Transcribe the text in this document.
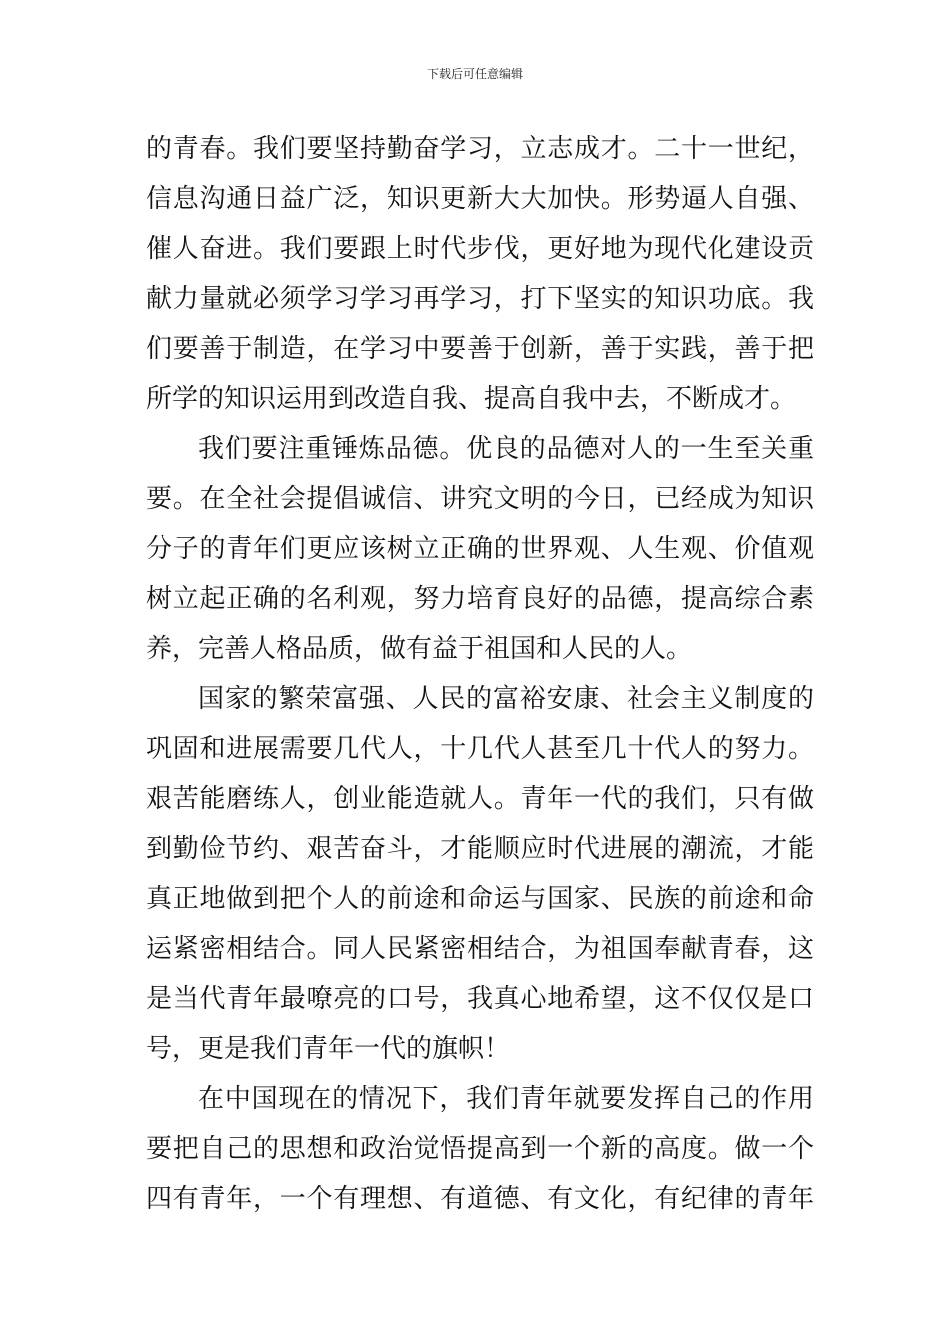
下载后可任意编辑
的青春。我们要坚持勤奋学习，立志成才。二十一世纪，
信息沟通日益广泛，知识更新大大加快。形势逼人自强、
催人奋进。我们要跟上时代步伐，更好地为现代化建设贡
献力量就必须学习学习再学习，打下坚实的知识功底。我
们要善于制造，在学习中要善于创新，善于实践，善于把
所学的知识运用到改造自我、提高自我中去，不断成才。
我们要注重锤炼品德。优良的品德对人的一生至关重
要。在全社会提倡诚信、讲究文明的今日，已经成为知识
分子的青年们更应该树立正确的世界观、人生观、价值观
树立起正确的名利观，努力培育良好的品德，提高综合素
养，完善人格品质，做有益于祖国和人民的人。
国家的繁荣富强、人民的富裕安康、社会主义制度的
巩固和进展需要几代人，十几代人甚至几十代人的努力。
艰苦能磨练人，创业能造就人。青年一代的我们，只有做
到勤俭节约、艰苦奋斗，才能顺应时代进展的潮流，才能
真正地做到把个人的前途和命运与国家、民族的前途和命
运紧密相结合。同人民紧密相结合，为祖国奉献青春，这
是当代青年最嘹亮的口号，我真心地希望，这不仅仅是口
号，更是我们青年一代的旗帜！
在中国现在的情况下，我们青年就要发挥自己的作用
要把自己的思想和政治觉悟提高到一个新的高度。做一个
四有青年，一个有理想、有道德、有文化，有纪律的青年
